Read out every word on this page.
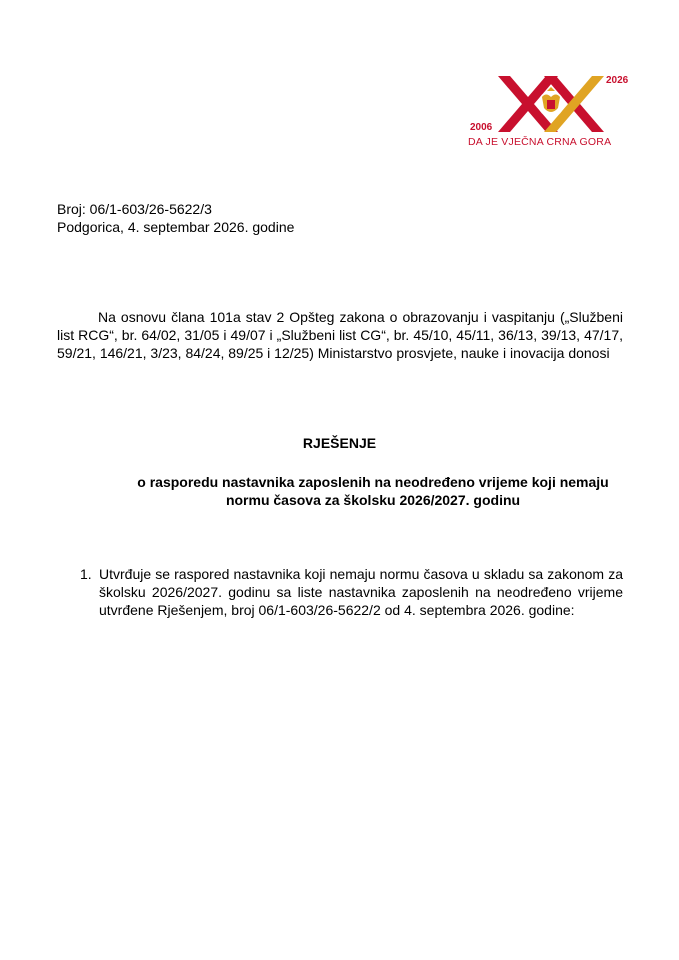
2006
2026
DA JE VJEČNA CRNA GORA
Broj: 06/1-603/26-5622/3
Podgorica, 4. septembar 2026. godine

Na osnovu člana 101a stav 2 Opšteg zakona o obrazovanju i vaspitanju („Službeni list RCG“, br. 64/02, 31/05 i 49/07 i „Službeni list CG“, br. 45/10, 45/11, 36/13, 39/13, 47/17, 59/21, 146/21, 3/23, 84/24, 89/25 i 12/25) Ministarstvo prosvjete, nauke i inovacija donosi

RJEŠENJE
o rasporedu nastavnika zaposlenih na neodređeno vrijeme koji nemaju normu časova za školsku 2026/2027. godinu
1. Utvrđuje se raspored nastavnika koji nemaju normu časova u skladu sa zakonom za školsku 2026/2027. godinu sa liste nastavnika zaposlenih na neodređeno vrijeme utvrđene Rješenjem, broj 06/1-603/26-5622/2 od 4. septembra 2026. godine:
